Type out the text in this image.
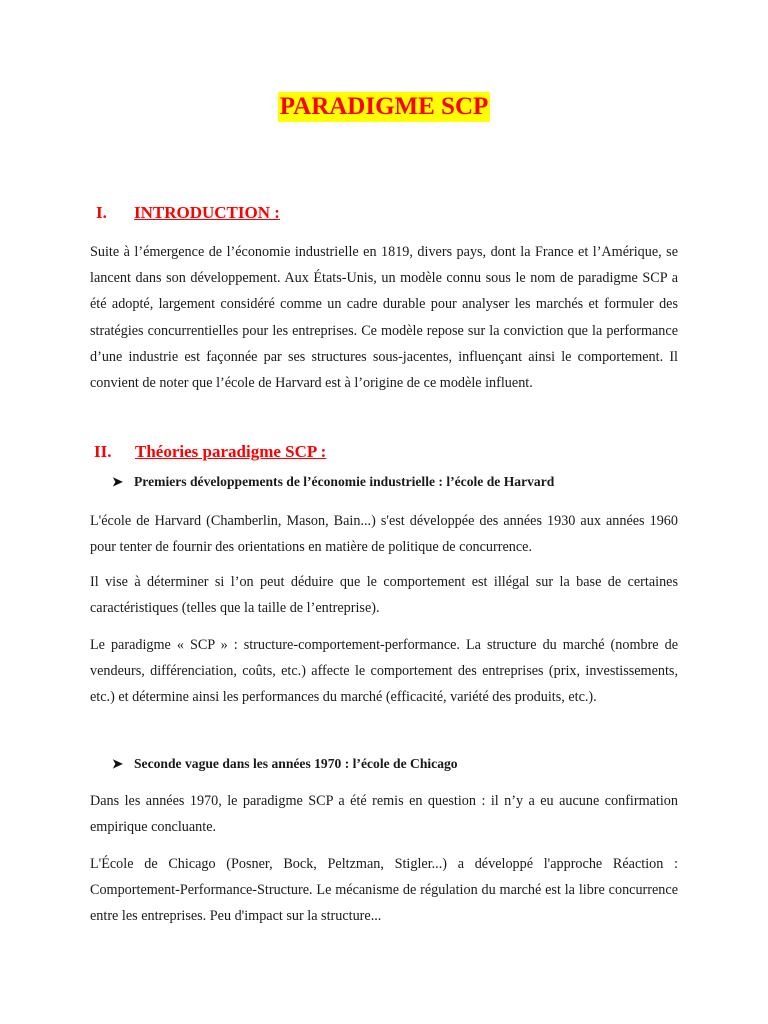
PARADIGME SCP
I. INTRODUCTION :

Suite à l’émergence de l’économie industrielle en 1819, divers pays, dont la France et l’Amérique, se lancent dans son développement. Aux États-Unis, un modèle connu sous le nom de paradigme SCP a été adopté, largement considéré comme un cadre durable pour analyser les marchés et formuler des stratégies concurrentielles pour les entreprises. Ce modèle repose sur la conviction que la performance d’une industrie est façonnée par ses structures sous-jacentes, influençant ainsi le comportement. Il convient de noter que l’école de Harvard est à l’origine de ce modèle influent.

II. Théories paradigme SCP :
➤ Premiers développements de l’économie industrielle : l’école de Harvard

L'école de Harvard (Chamberlin, Mason, Bain...) s'est développée des années 1930 aux années 1960 pour tenter de fournir des orientations en matière de politique de concurrence.

Il vise à déterminer si l’on peut déduire que le comportement est illégal sur la base de certaines caractéristiques (telles que la taille de l’entreprise).

Le paradigme « SCP » : structure-comportement-performance. La structure du marché (nombre de vendeurs, différenciation, coûts, etc.) affecte le comportement des entreprises (prix, investissements, etc.) et détermine ainsi les performances du marché (efficacité, variété des produits, etc.).

➤ Seconde vague dans les années 1970 : l’école de Chicago

Dans les années 1970, le paradigme SCP a été remis en question : il n’y a eu aucune confirmation empirique concluante.

L'École de Chicago (Posner, Bock, Peltzman, Stigler...) a développé l'approche Réaction : Comportement-Performance-Structure. Le mécanisme de régulation du marché est la libre concurrence entre les entreprises. Peu d'impact sur la structure...
